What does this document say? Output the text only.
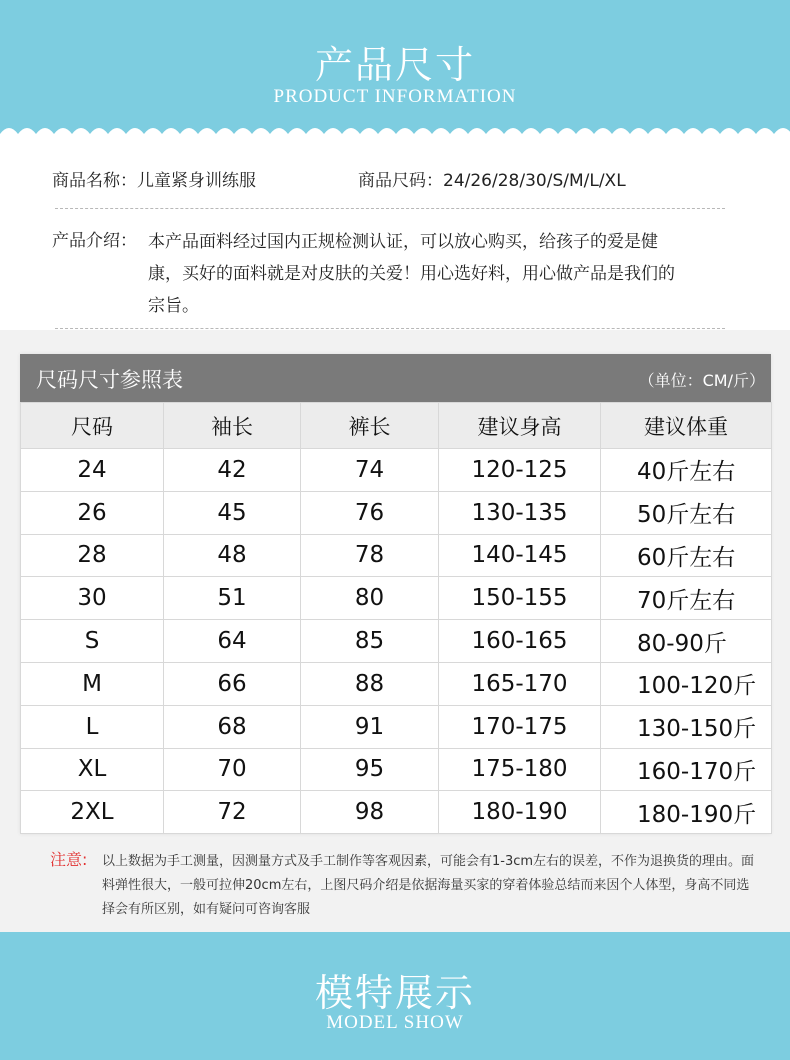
产品尺寸
PRODUCT INFORMATION
商品名称：儿童紧身训练服	商品尺码：24/26/28/30/S/M/L/XL
产品介绍： 本产品面料经过国内正规检测认证，可以放心购买，给孩子的爱是健康，买好的面料就是对皮肤的关爱！用心选好料，用心做产品是我们的宗旨。
尺码尺寸参照表	（单位：CM/斤）
尺码	袖长	裤长	建议身高	建议体重
24	42	74	120-125	40斤左右
26	45	76	130-135	50斤左右
28	48	78	140-145	60斤左右
30	51	80	150-155	70斤左右
S	64	85	160-165	80-90斤
M	66	88	165-170	100-120斤
L	68	91	170-175	130-150斤
XL	70	95	175-180	160-170斤
2XL	72	98	180-190	180-190斤
注意:	以上数据为手工测量，因测量方式及手工制作等客观因素，可能会有1-3cm左右的误差，不作为退换货的理由。面料弹性很大，一般可拉伸20cm左右，上图尺码介绍是依据海量买家的穿着体验总结而来因个人体型，身高不同选择会有所区别，如有疑问可咨询客服
模特展示
MODEL SHOW
